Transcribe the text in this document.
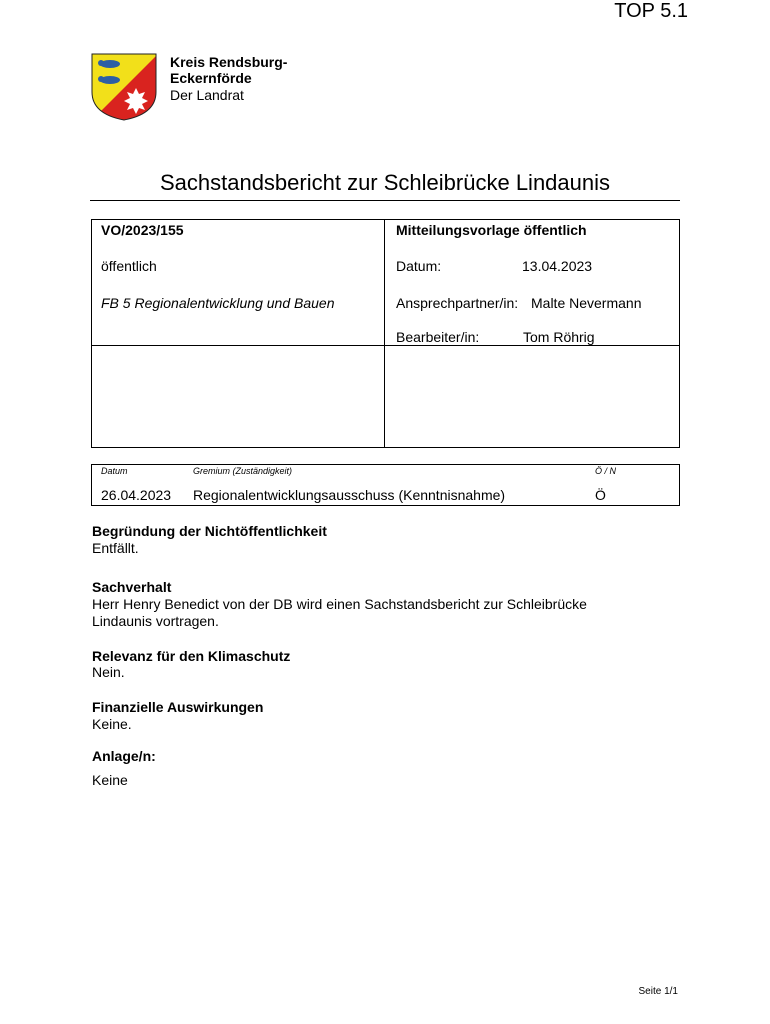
TOP 5.1
Kreis Rendsburg-
Eckernförde
Der Landrat
Sachstandsbericht zur Schleibrücke Lindaunis
VO/2023/155
öffentlich
FB 5 Regionalentwicklung und Bauen
Mitteilungsvorlage öffentlich
Datum:	13.04.2023
Ansprechpartner/in: Malte Nevermann
Bearbeiter/in:	Tom Röhrig
Datum	Gremium (Zuständigkeit)	Ö / N
26.04.2023 Regionalentwicklungsausschuss (Kenntnisnahme)	Ö
Begründung der Nichtöffentlichkeit
Entfällt.
Sachverhalt
Herr Henry Benedict von der DB wird einen Sachstandsbericht zur Schleibrücke
Lindaunis vortragen.
Relevanz für den Klimaschutz
Nein.
Finanzielle Auswirkungen
Keine.
Anlage/n:
Keine
Seite 1/1
